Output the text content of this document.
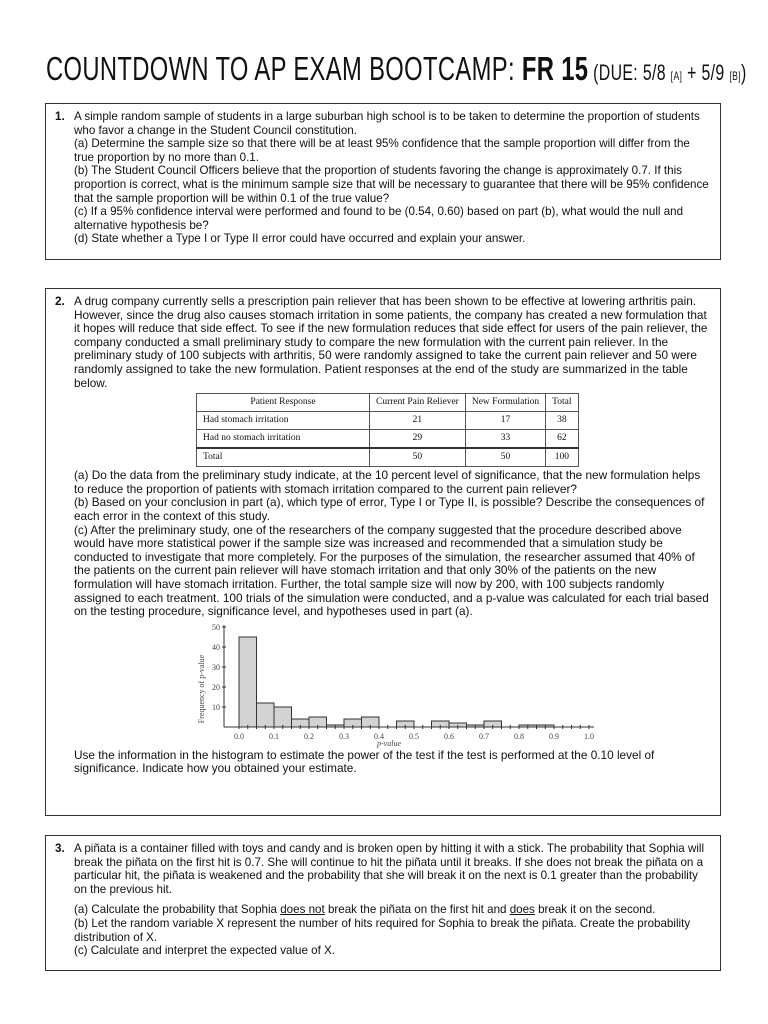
COUNTDOWN TO AP EXAM BOOTCAMP: FR 15 (DUE: 5/8 [A] + 5/9 [B])
1. A simple random sample of students in a large suburban high school is to be taken to determine the proportion of students who favor a change in the Student Council constitution.

(a) Determine the sample size so that there will be at least 95% confidence that the sample proportion will differ from the true proportion by no more than 0.1.

(b) The Student Council Officers believe that the proportion of students favoring the change is approximately 0.7. If this proportion is correct, what is the minimum sample size that will be necessary to guarantee that there will be 95% confidence that the sample proportion will be within 0.1 of the true value?

(c) If a 95% confidence interval were performed and found to be (0.54, 0.60) based on part (b), what would the null and alternative hypothesis be?

(d) State whether a Type I or Type II error could have occurred and explain your answer.

2. A drug company currently sells a prescription pain reliever that has been shown to be effective at lowering arthritis pain. However, since the drug also causes stomach irritation in some patients, the company has created a new formulation that it hopes will reduce that side effect. To see if the new formulation reduces that side effect for users of the pain reliever, the company conducted a small preliminary study to compare the new formulation with the current pain reliever. In the preliminary study of 100 subjects with arthritis, 50 were randomly assigned to take the current pain reliever and 50 were randomly assigned to take the new formulation. Patient responses at the end of the study are summarized in the table below.

Patient Response	Current Pain Reliever	New Formulation	Total
Had stomach irritation	21	17	38
Had no stomach irritation	29	33	62
Total	50	50	100

(a) Do the data from the preliminary study indicate, at the 10 percent level of significance, that the new formulation helps to reduce the proportion of patients with stomach irritation compared to the current pain reliever?

(b) Based on your conclusion in part (a), which type of error, Type I or Type II, is possible? Describe the consequences of each error in the context of this study.

(c) After the preliminary study, one of the researchers of the company suggested that the procedure described above would have more statistical power if the sample size was increased and recommended that a simulation study be conducted to investigate that more completely. For the purposes of the simulation, the researcher assumed that 40% of the patients on the current pain reliever will have stomach irritation and that only 30% of the patients on the new formulation will have stomach irritation. Further, the total sample size will now by 200, with 100 subjects randomly assigned to each treatment. 100 trials of the simulation were conducted, and a p-value was calculated for each trial based on the testing procedure, significance level, and hypotheses used in part (a).

0.0	0.1	0.2	0.3	0.4	0.5	0.6	0.7	0.8	0.9	1.0
10
20
30
40
50
Frequency of p-value
p-value

Use the information in the histogram to estimate the power of the test if the test is performed at the 0.10 level of significance. Indicate how you obtained your estimate.

3. A piñata is a container filled with toys and candy and is broken open by hitting it with a stick. The probability that Sophia will break the piñata on the first hit is 0.7. She will continue to hit the piñata until it breaks. If she does not break the piñata on a particular hit, the piñata is weakened and the probability that she will break it on the next is 0.1 greater than the probability on the previous hit.

(a) Calculate the probability that Sophia does not break the piñata on the first hit and does break it on the second.

(b) Let the random variable X represent the number of hits required for Sophia to break the piñata. Create the probability distribution of X.

(c) Calculate and interpret the expected value of X.
